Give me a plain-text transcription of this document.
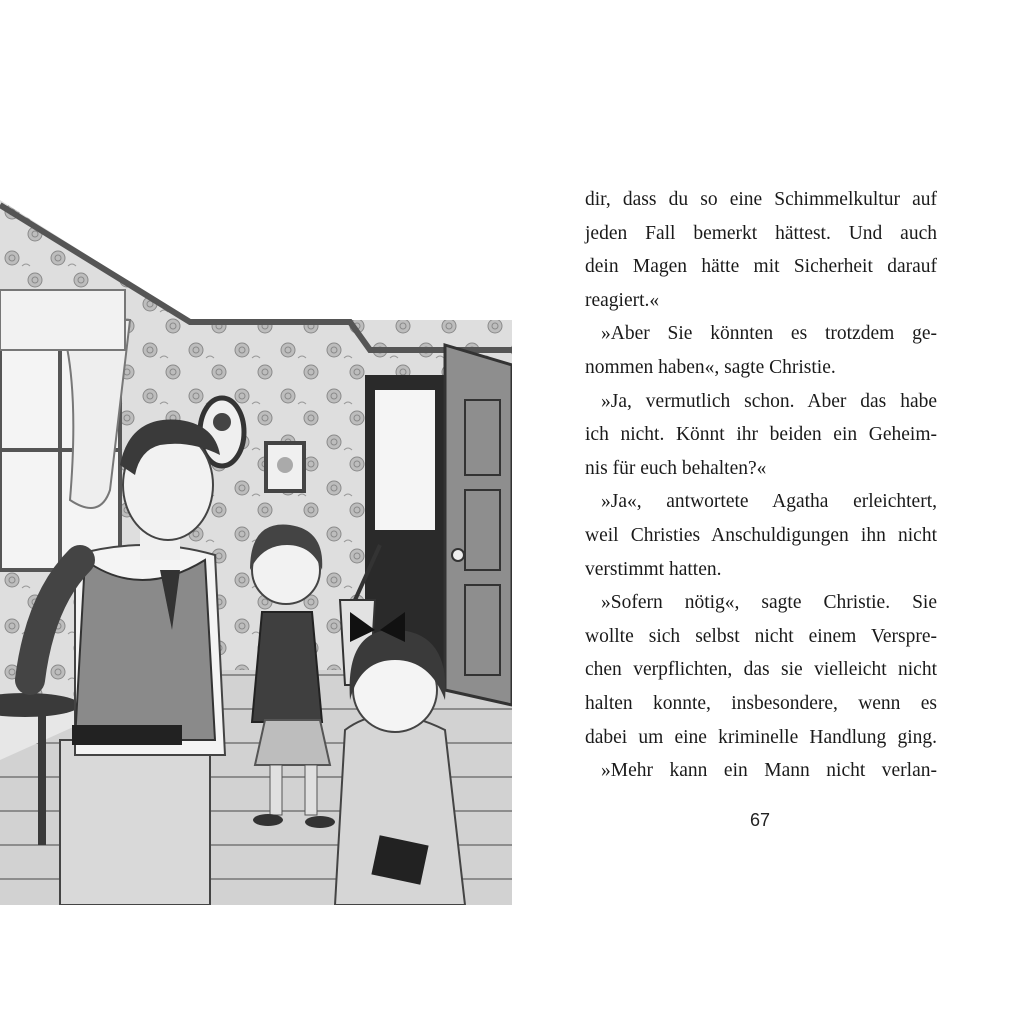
dir, dass du so eine Schimmelkultur auf
jeden Fall bemerkt hättest. Und auch
dein Magen hätte mit Sicherheit darauf
reagiert.«
»Aber Sie könnten es trotzdem ge-
nommen haben«, sagte Christie.
»Ja, vermutlich schon. Aber das habe
ich nicht. Könnt ihr beiden ein Geheim-
nis für euch behalten?«
»Ja«, antwortete Agatha erleichtert,
weil Christies Anschuldigungen ihn nicht
verstimmt hatten.
»Sofern nötig«, sagte Christie. Sie
wollte sich selbst nicht einem Verspre-
chen verpflichten, das sie vielleicht nicht
halten konnte, insbesondere, wenn es
dabei um eine kriminelle Handlung ging.
»Mehr kann ein Mann nicht verlan-
67
